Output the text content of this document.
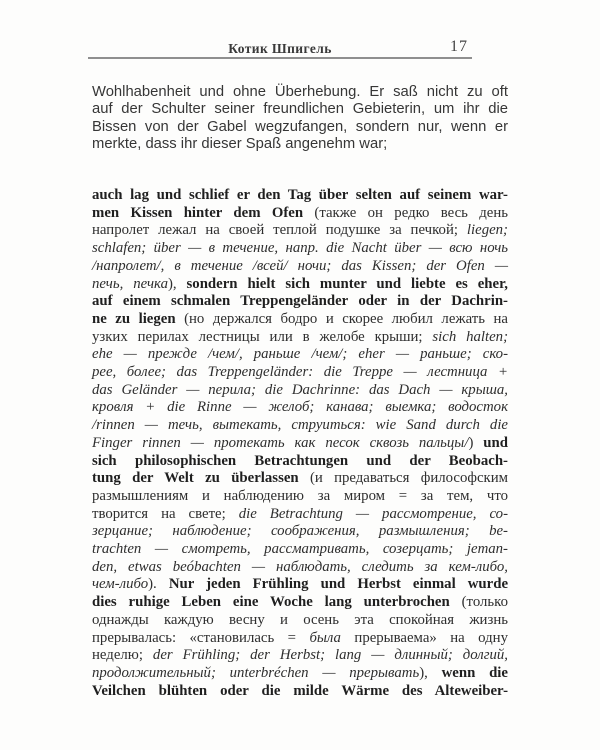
Котик Шпигель	17
Wohlhabenheit und ohne Überhebung. Er saß nicht zu oft
auf der Schulter seiner freundlichen Gebieterin, um ihr die
Bissen von der Gabel wegzufangen, sondern nur, wenn er
merkte, dass ihr dieser Spaß angenehm war;
auch lag und schlief er den Tag über selten auf seinem war-
men Kissen hinter dem Ofen (также он редко весь день
напролет лежал на своей теплой подушке за печкой; liegen;
schlafen; über — в течение, напр. die Nacht über — всю ночь
/напролет/, в течение /всей/ ночи; das Kissen; der Ofen —
печь, печка), sondern hielt sich munter und liebte es eher,
auf einem schmalen Treppengeländer oder in der Dachrin-
ne zu liegen (но держался бодро и скорее любил лежать на
узких перилах лестницы или в желобе крыши; sich halten;
ehe — прежде /чем/, раньше /чем/; eher — раньше; ско-
рее, более; das Treppengeländer: die Treppe — лестница +
das Geländer — перила; die Dachrinne: das Dach — крыша,
кровля + die Rinne — желоб; канава; выемка; водосток
/rinnen — течь, вытекать, струиться: wie Sand durch die
Finger rinnen — протекать как песок сквозь пальцы/) und
sich philosophischen Betrachtungen und der Beobach-
tung der Welt zu überlassen (и предаваться философским
размышлениям и наблюдению за миром = за тем, что
творится на свете; die Betrachtung — рассмотрение, со-
зерцание; наблюдение; соображения, размышления; be-
trachten — смотреть, рассматривать, созерцать; jeman-
den, etwas beóbachten — наблюдать, следить за кем-либо,
чем-либо). Nur jeden Frühling und Herbst einmal wurde
dies ruhige Leben eine Woche lang unterbrochen (только
однажды каждую весну и осень эта спокойная жизнь
прерывалась: «становилась = была прерываема» на одну
неделю; der Frühling; der Herbst; lang — длинный; долгий,
продолжительный; unterbréchen — прерывать), wenn die
Veilchen blühten oder die milde Wärme des Alteweiber-
